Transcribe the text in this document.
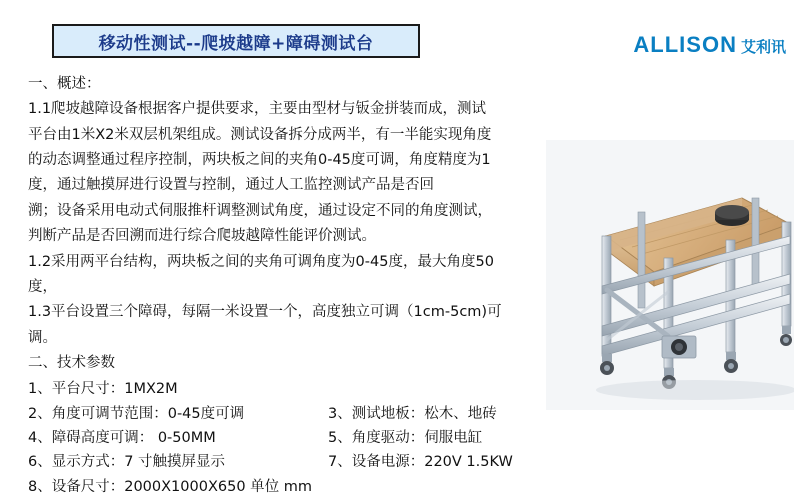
移动性测试--爬坡越障+障碍测试台	ALLISON 艾利讯

一、概述：

1.1爬坡越障设备根据客户提供要求，主要由型材与钣金拼装而成，测试

平台由1米X2米双层机架组成。测试设备拆分成两半，有一半能实现角度

的动态调整通过程序控制，两块板之间的夹角0-45度可调，角度精度为1

度，通过触摸屏进行设置与控制，通过人工监控测试产品是否回

溯；设备采用电动式伺服推杆调整测试角度，通过设定不同的角度测试，

判断产品是否回溯而进行综合爬坡越障性能评价测试。

1.2采用两平台结构，两块板之间的夹角可调角度为0-45度，最大角度50

度，

1.3平台设置三个障碍，每隔一米设置一个，高度独立可调（1cm-5cm)可

调。

二、技术参数

1、平台尺寸：1MX2M
2、角度可调节范围：0-45度可调	3、测试地板：松木、地砖
4、障碍高度可调： 0-50MM	5、角度驱动：伺服电缸
6、显示方式：7 寸触摸屏显示	7、设备电源：220V 1.5KW
8、设备尺寸：2000X1000X650 单位 mm
